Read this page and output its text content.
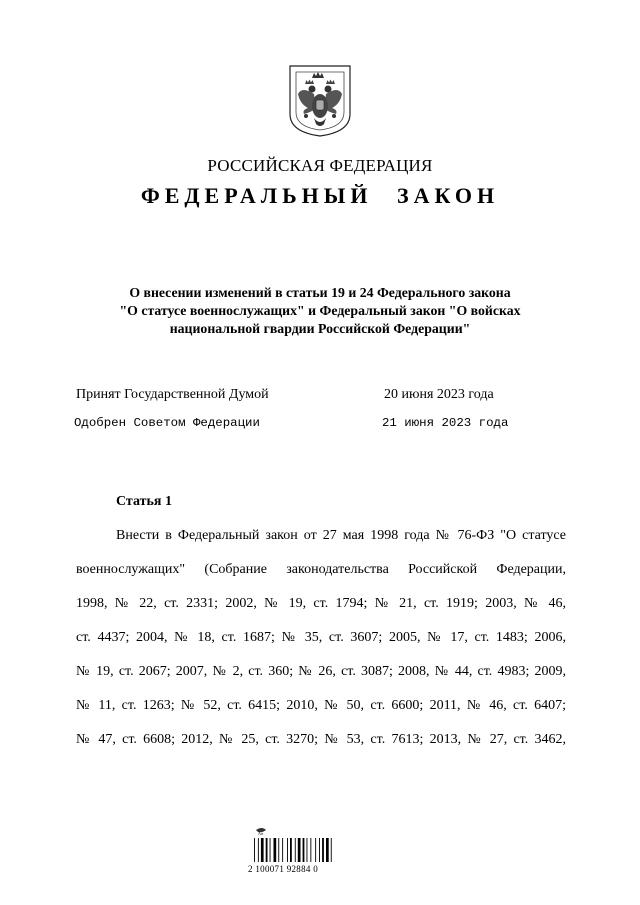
РОССИЙСКАЯ ФЕДЕРАЦИЯ
ФЕДЕРАЛЬНЫЙ ЗАКОН
О внесении изменений в статьи 19 и 24 Федерального закона
"О статусе военнослужащих" и Федеральный закон "О войсках
национальной гвардии Российской Федерации"
Принят Государственной Думой	20 июня 2023 года
Одобрен Советом Федерации	21 июня 2023 года
Статья 1

Внести в Федеральный закон от 27 мая 1998 года № 76-ФЗ "О статусе

военнослужащих" (Собрание законодательства Российской Федерации,

1998, № 22, ст. 2331; 2002, № 19, ст. 1794; № 21, ст. 1919; 2003, № 46,

ст. 4437; 2004, № 18, ст. 1687; № 35, ст. 3607; 2005, № 17, ст. 1483; 2006,

№ 19, ст. 2067; 2007, № 2, ст. 360; № 26, ст. 3087; 2008, № 44, ст. 4983; 2009,

№ 11, ст. 1263; № 52, ст. 6415; 2010, № 50, ст. 6600; 2011, № 46, ст. 6407;

№ 47, ст. 6608; 2012, № 25, ст. 3270; № 53, ст. 7613; 2013, № 27, ст. 3462,

Art
2 100071 92884 0
